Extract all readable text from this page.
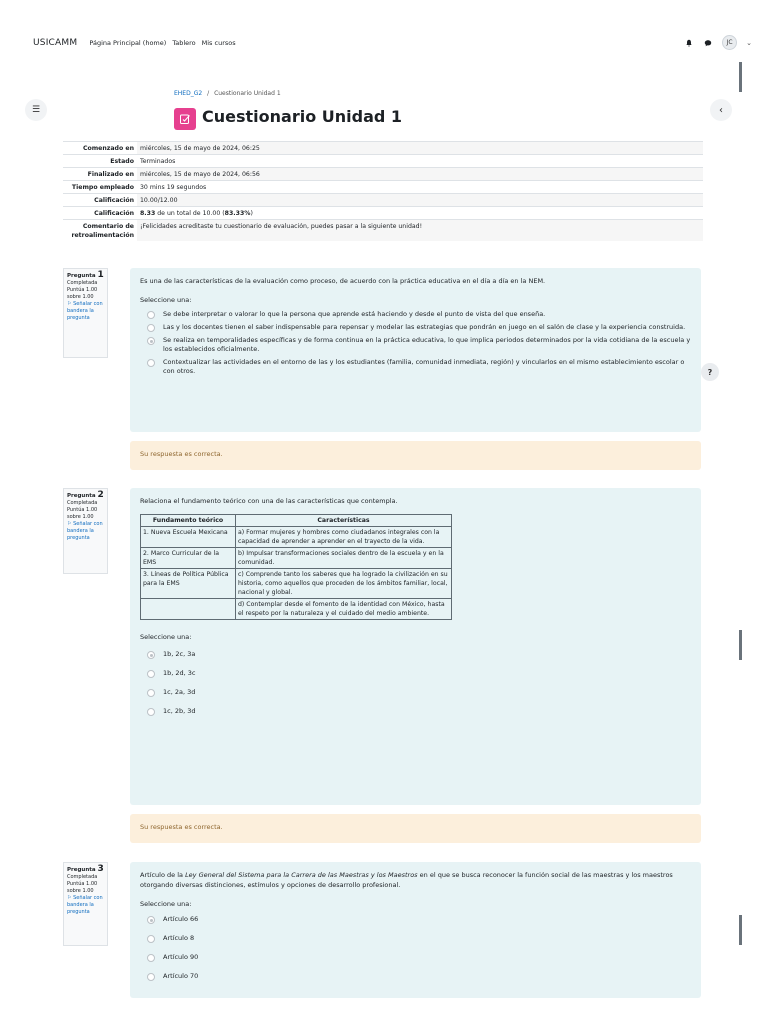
USICAMM Página Principal (home) Tablero Mis cursos	JC	⌄
☰	‹
?
EHED_G2 / Cuestionario Unidad 1
Cuestionario Unidad 1
Comenzado en	miércoles, 15 de mayo de 2024, 06:25
Estado	Terminados
Finalizado en	miércoles, 15 de mayo de 2024, 06:56
Tiempo empleado	30 mins 19 segundos
Calificación	10.00/12.00
Calificación	8.33 de un total de 10.00 (83.33%)
Comentario de retroalimentación	¡Felicidades acreditaste tu cuestionario de evaluación, puedes pasar a la siguiente unidad!
Pregunta 1
Completada
Puntúa 1.00 sobre 1.00
⚐ Señalar con bandera la pregunta
Es una de las características de la evaluación como proceso, de acuerdo con la práctica educativa en el día a día en la NEM.
Seleccione una:
Se debe interpretar o valorar lo que la persona que aprende está haciendo y desde el punto de vista del que enseña.
Las y los docentes tienen el saber indispensable para repensar y modelar las estrategias que pondrán en juego en el salón de clase y la experiencia construida.
Se realiza en temporalidades específicas y de forma continua en la práctica educativa, lo que implica periodos determinados por la vida cotidiana de la escuela y los establecidos oficialmente.
Contextualizar las actividades en el entorno de las y los estudiantes (familia, comunidad inmediata, región) y vincularlos en el mismo establecimiento escolar o con otros.
Su respuesta es correcta.
Pregunta 2
Completada
Puntúa 1.00 sobre 1.00
⚐ Señalar con bandera la pregunta
Relaciona el fundamento teórico con una de las características que contempla.
Fundamento teórico	Características
1. Nueva Escuela Mexicana	a) Formar mujeres y hombres como ciudadanos integrales con la capacidad de aprender a aprender en el trayecto de la vida.
2. Marco Curricular de la EMS	b) Impulsar transformaciones sociales dentro de la escuela y en la comunidad.
3. Líneas de Política Pública para la EMS	c) Comprende tanto los saberes que ha logrado la civilización en su historia, como aquellos que proceden de los ámbitos familiar, local, nacional y global.
	d) Contemplar desde el fomento de la identidad con México, hasta el respeto por la naturaleza y el cuidado del medio ambiente.
Seleccione una:
1b, 2c, 3a
1b, 2d, 3c
1c, 2a, 3d
1c, 2b, 3d
Su respuesta es correcta.
Pregunta 3
Completada
Puntúa 1.00 sobre 1.00
⚐ Señalar con bandera la pregunta
Artículo de la Ley General del Sistema para la Carrera de las Maestras y los Maestros en el que se busca reconocer la función social de las maestras y los maestros otorgando diversas distinciones, estímulos y opciones de desarrollo profesional.
Seleccione una:
Artículo 66
Artículo 8
Artículo 90
Artículo 70
